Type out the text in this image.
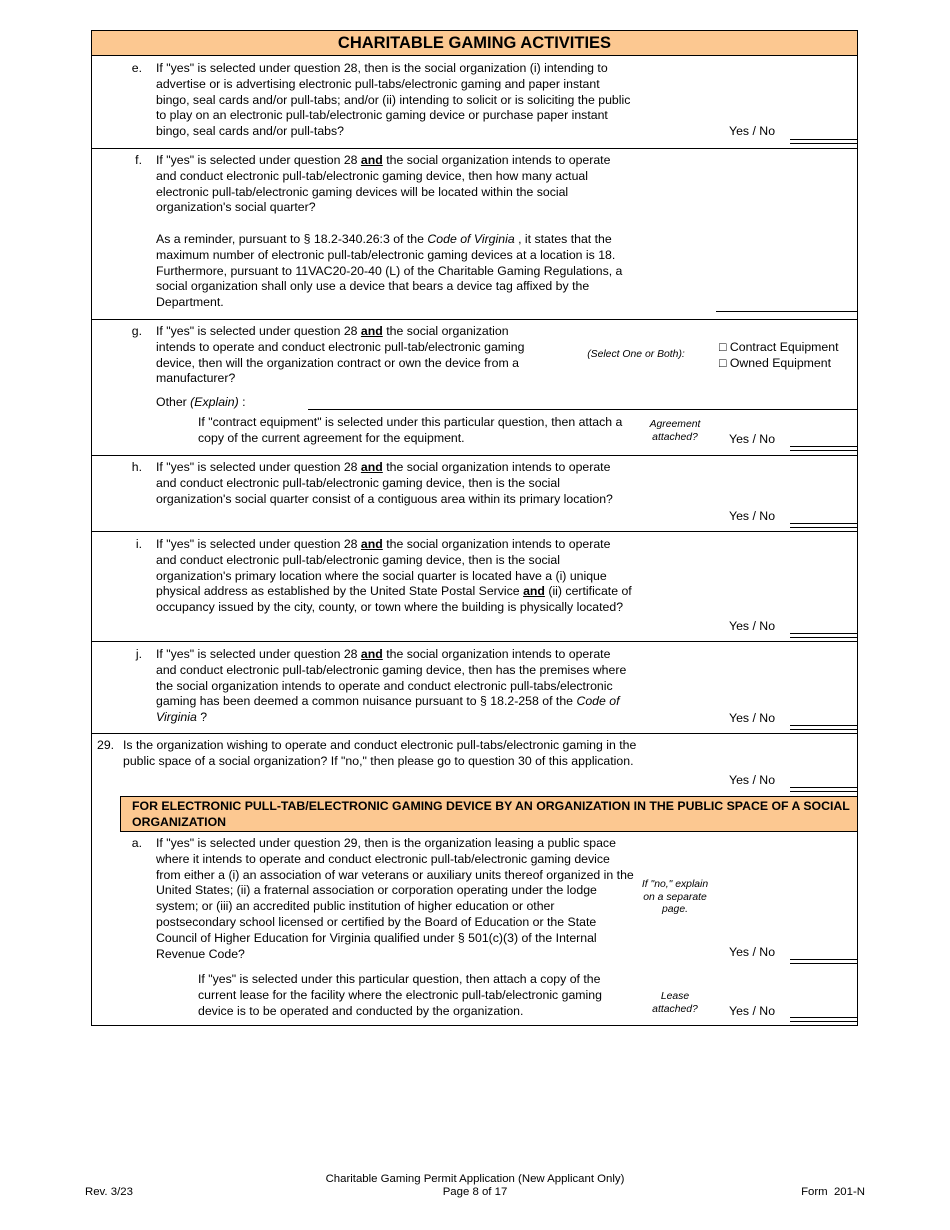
CHARITABLE GAMING ACTIVITIES
e. If "yes" is selected under question 28, then is the social organization (i) intending to advertise or is advertising electronic pull-tabs/electronic gaming and paper instant bingo, seal cards and/or pull-tabs; and/or (ii) intending to solicit or is soliciting the public to play on an electronic pull-tab/electronic gaming device or purchase paper instant bingo, seal cards and/or pull-tabs?	Yes / No
f. If "yes" is selected under question 28 and the social organization intends to operate and conduct electronic pull-tab/electronic gaming device, then how many actual electronic pull-tab/electronic gaming devices will be located within the social organization's social quarter?
As a reminder, pursuant to § 18.2-340.26:3 of the Code of Virginia , it states that the maximum number of electronic pull-tab/electronic gaming devices at a location is 18. Furthermore, pursuant to 11VAC20-20-40 (L) of the Charitable Gaming Regulations, a social organization shall only use a device that bears a device tag affixed by the Department.
g. If "yes" is selected under question 28 and the social organization intends to operate and conduct electronic pull-tab/electronic gaming device, then will the organization contract or own the device from a manufacturer?
(Select One or Both):
□ Contract Equipment
□ Owned Equipment
Other (Explain) :
If "contract equipment" is selected under this particular question, then attach a copy of the current agreement for the equipment.
Agreement attached?	Yes / No
h. If "yes" is selected under question 28 and the social organization intends to operate and conduct electronic pull-tab/electronic gaming device, then is the social organization's social quarter consist of a contiguous area within its primary location?
Yes / No
i. If "yes" is selected under question 28 and the social organization intends to operate and conduct electronic pull-tab/electronic gaming device, then is the social organization's primary location where the social quarter is located have a (i) unique physical address as established by the United State Postal Service and (ii) certificate of occupancy issued by the city, county, or town where the building is physically located?
Yes / No
j. If "yes" is selected under question 28 and the social organization intends to operate and conduct electronic pull-tab/electronic gaming device, then has the premises where the social organization intends to operate and conduct electronic pull-tabs/electronic gaming has been deemed a common nuisance pursuant to § 18.2-258 of the Code of Virginia ?	Yes / No
29. Is the organization wishing to operate and conduct electronic pull-tabs/electronic gaming in the public space of a social organization? If "no," then please go to question 30 of this application.
Yes / No
FOR ELECTRONIC PULL-TAB/ELECTRONIC GAMING DEVICE BY AN ORGANIZATION IN THE PUBLIC SPACE OF A SOCIAL ORGANIZATION
a. If "yes" is selected under question 29, then is the organization leasing a public space where it intends to operate and conduct electronic pull-tab/electronic gaming device from either a (i) an association of war veterans or auxiliary units thereof organized in the United States; (ii) a fraternal association or corporation operating under the lodge system; or (iii) an accredited public institution of higher education or other postsecondary school licensed or certified by the Board of Education or the State Council of Higher Education for Virginia qualified under § 501(c)(3) of the Internal Revenue Code?
If "no," explain on a separate page.
Yes / No
If "yes" is selected under this particular question, then attach a copy of the current lease for the facility where the electronic pull-tab/electronic gaming device is to be operated and conducted by the organization.
Lease attached?	Yes / No
Rev. 3/23
Charitable Gaming Permit Application (New Applicant Only)
Page 8 of 17	Form  201-N
